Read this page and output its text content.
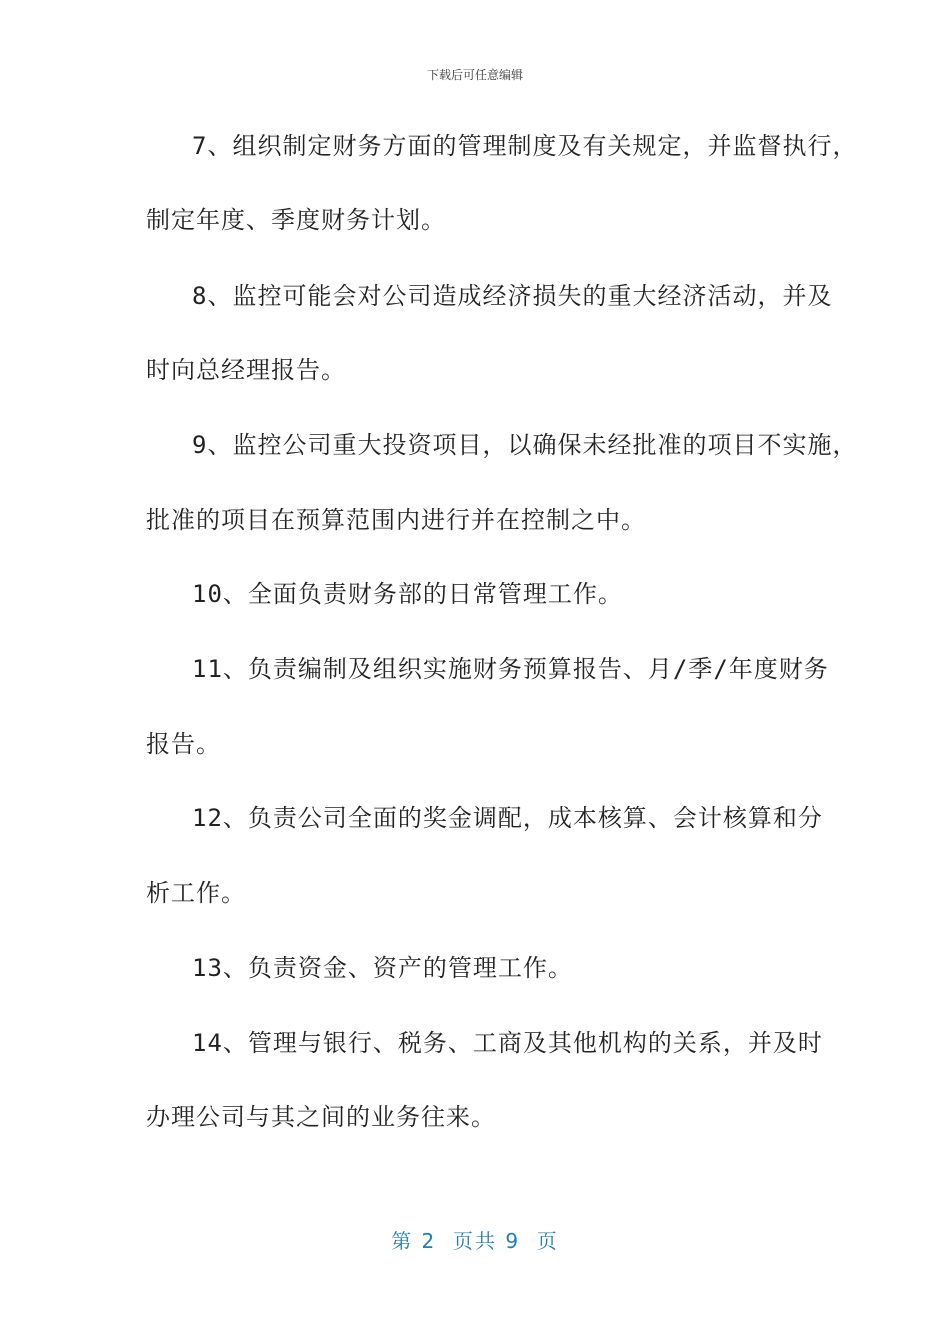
下载后可任意编辑
7、组织制定财务方面的管理制度及有关规定，并监督执行，
制定年度、季度财务计划。
8、监控可能会对公司造成经济损失的重大经济活动，并及
时向总经理报告。
9、监控公司重大投资项目，以确保未经批准的项目不实施，
批准的项目在预算范围内进行并在控制之中。
10、全面负责财务部的日常管理工作。
11、负责编制及组织实施财务预算报告、月/季/年度财务
报告。
12、负责公司全面的奖金调配，成本核算、会计核算和分
析工作。
13、负责资金、资产的管理工作。
14、管理与银行、税务、工商及其他机构的关系，并及时
办理公司与其之间的业务往来。
第 2  页共 9  页
